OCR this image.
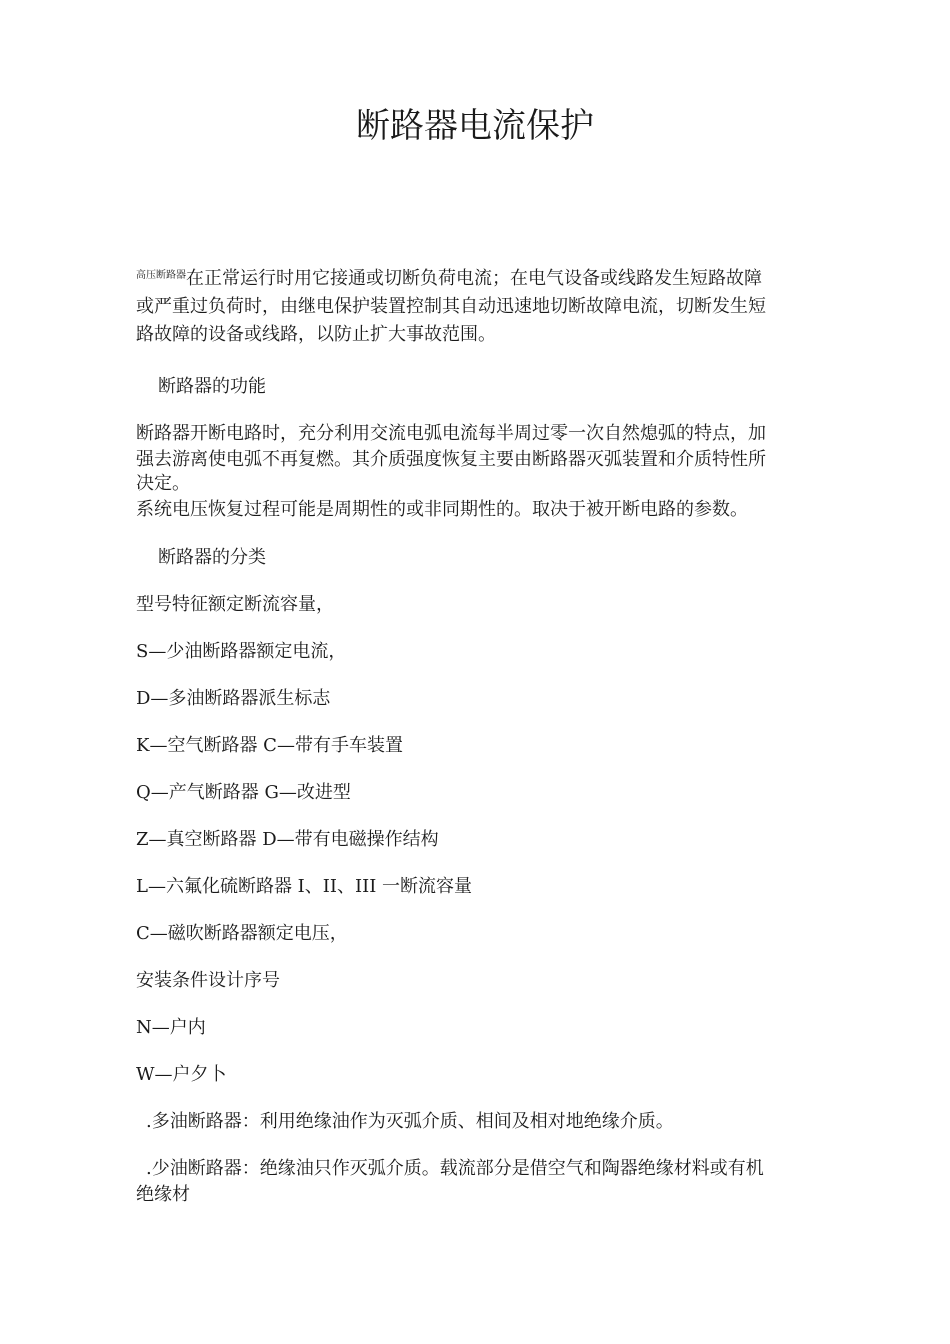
断路器电流保护
$^{高压断路器}$在正常运行时用它接通或切断负荷电流；在电气设备或线路发生短路故障
或严重过负荷时，由继电保护装置控制其自动迅速地切断故障电流，切断发生短
路故障的设备或线路，以防止扩大事故范围。
断路器的功能
断路器开断电路时，充分利用交流电弧电流每半周过零一次自然熄弧的特点，加
强去游离使电弧不再复燃。其介质强度恢复主要由断路器灭弧装置和介质特性所
决定。
系统电压恢复过程可能是周期性的或非同期性的。取决于被开断电路的参数。
断路器的分类

型号特征额定断流容量，

S—少油断路器额定电流，

D—多油断路器派生标志

K—空气断路器 C—带有手车装置

Q—产气断路器 G—改进型

Z—真空断路器 D—带有电磁操作结构

L—六氟化硫断路器 I、II、III 一断流容量

C—磁吹断路器额定电压，

安装条件设计序号

N—户内

W—户夕卜

.多油断路器：利用绝缘油作为灭弧介质、相间及相对地绝缘介质。

.少油断路器：绝缘油只作灭弧介质。载流部分是借空气和陶器绝缘材料或有机
绝缘材
